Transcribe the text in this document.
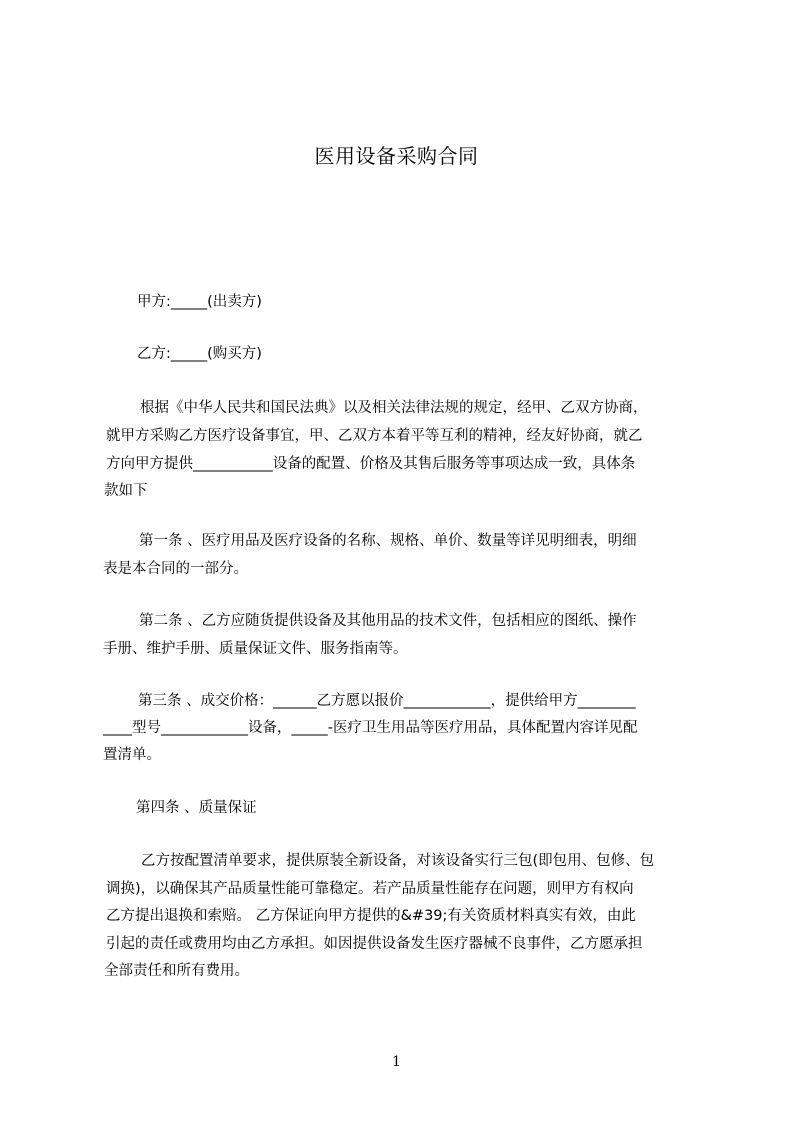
医用设备采购合同
甲方:_____(出卖方)
乙方:_____(购买方)
根据《中华人民共和国民法典》以及相关法律法规的规定，经甲、乙双方协商，
就甲方采购乙方医疗设备事宜，甲、乙双方本着平等互利的精神，经友好协商，就乙
方向甲方提供___________设备的配置、价格及其售后服务等事项达成一致，具体条
款如下
第一条 、医疗用品及医疗设备的名称、规格、单价、数量等详见明细表，明细
表是本合同的一部分。
第二条 、乙方应随货提供设备及其他用品的技术文件，包括相应的图纸、操作
手册、维护手册、质量保证文件、服务指南等。
第三条 、成交价格：______乙方愿以报价____________，提供给甲方________
____型号____________设备，_____-医疗卫生用品等医疗用品，具体配置内容详见配
置清单。
第四条 、质量保证
乙方按配置清单要求，提供原装全新设备，对该设备实行三包(即包用、包修、包
调换)，以确保其产品质量性能可靠稳定。若产品质量性能存在问题，则甲方有权向
乙方提出退换和索赔。 乙方保证向甲方提供的&#39;有关资质材料真实有效，由此
引起的责任或费用均由乙方承担。如因提供设备发生医疗器械不良事件，乙方愿承担
全部责任和所有费用。
1
